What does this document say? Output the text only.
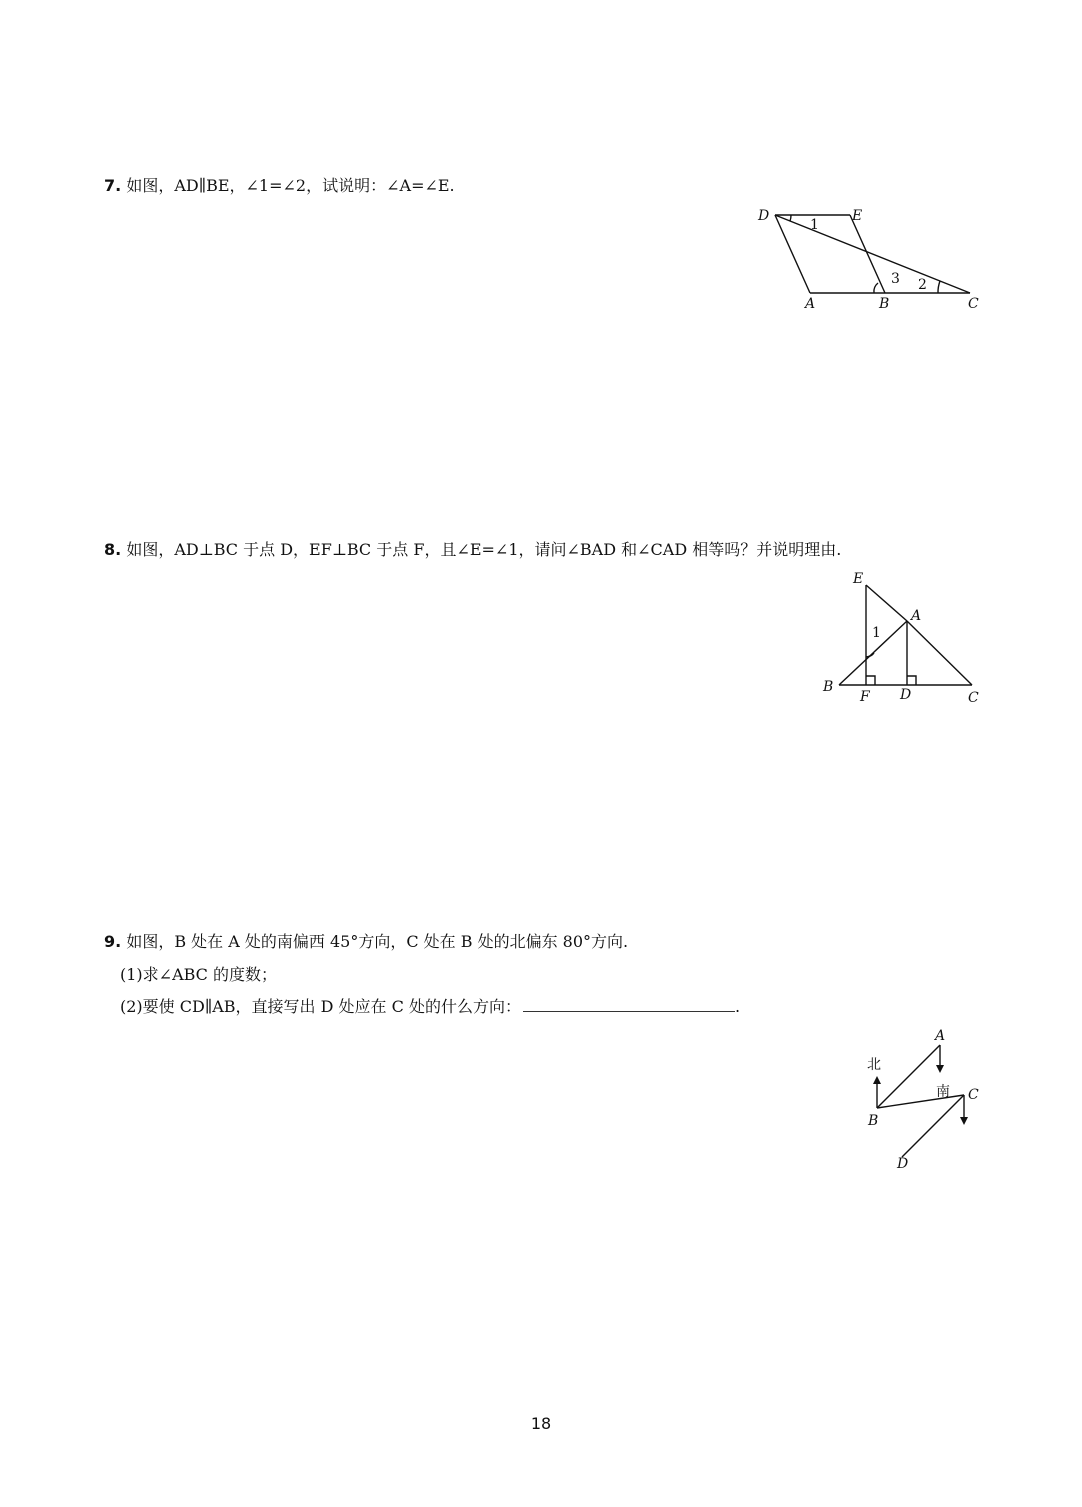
7. 如图，AD∥BE，∠1=∠2，试说明：∠A=∠E.
D	E
A	B	C
1
3 2
8. 如图，AD⊥BC 于点 D，EF⊥BC 于点 F，且∠E=∠1，请问∠BAD 和∠CAD 相等吗？并说明理由.
E
A
1
B
F D	C
9. 如图，B 处在 A 处的南偏西 45°方向，C 处在 B 处的北偏东 80°方向.
(1)求∠ABC 的度数；
(2)要使 CD∥AB，直接写出 D 处应在 C 处的什么方向：	.
A
北
南 C
B
D
18
